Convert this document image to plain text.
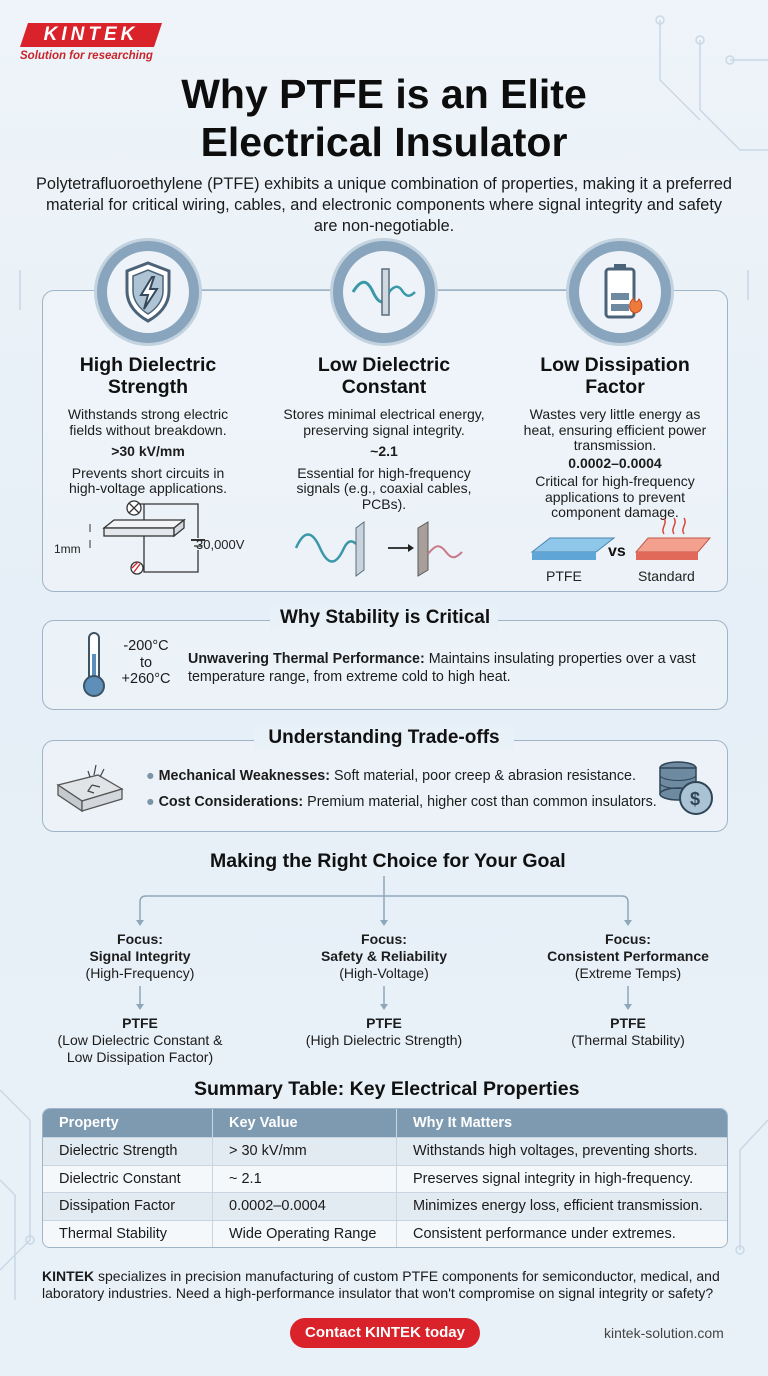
KINTEK
Solution for researching
Why PTFE is an Elite
Electrical Insulator
Polytetrafluoroethylene (PTFE) exhibits a unique combination of properties, making it a preferred
material for critical wiring, cables, and electronic components where signal integrity and safety
are non-negotiable.
High Dielectric
Strength

Withstands strong electric
fields without breakdown.

>30 kV/mm

Prevents short circuits in
high-voltage applications.

1mm	30,000V
Low Dielectric
Constant

Stores minimal electrical energy,
preserving signal integrity.

~2.1

Essential for high-frequency
signals (e.g., coaxial cables,
PCBs).

Low Dissipation
Factor

Wastes very little energy as
heat, ensuring efficient power
transmission.

0.0002–0.0004

Critical for high-frequency
applications to prevent
component damage.

vs
PTFE	Standard
Why Stability is Critical
-200°C
to
+260°C
Unwavering Thermal Performance: Maintains insulating properties over a vast
temperature range, from extreme cold to high heat.
Understanding Trade-offs
● Mechanical Weaknesses: Soft material, poor creep & abrasion resistance.
● Cost Considerations: Premium material, higher cost than common insulators.	$
Making the Right Choice for Your Goal
Focus:
Signal Integrity
(High-Frequency)
Focus:
Safety & Reliability
(High-Voltage)
Focus:
Consistent Performance
(Extreme Temps)
PTFE
(Low Dielectric Constant &
Low Dissipation Factor)
PTFE
(High Dielectric Strength)
PTFE
(Thermal Stability)
Summary Table: Key Electrical Properties
Property	Key Value	Why It Matters
Dielectric Strength	> 30 kV/mm	Withstands high voltages, preventing shorts.
Dielectric Constant	~ 2.1	Preserves signal integrity in high-frequency.
Dissipation Factor	0.0002–0.0004	Minimizes energy loss, efficient transmission.
Thermal Stability	Wide Operating Range	Consistent performance under extremes.
KINTEK specializes in precision manufacturing of custom PTFE components for semiconductor, medical, and
laboratory industries. Need a high-performance insulator that won't compromise on signal integrity or safety?
Contact KINTEK today	kintek-solution.com
